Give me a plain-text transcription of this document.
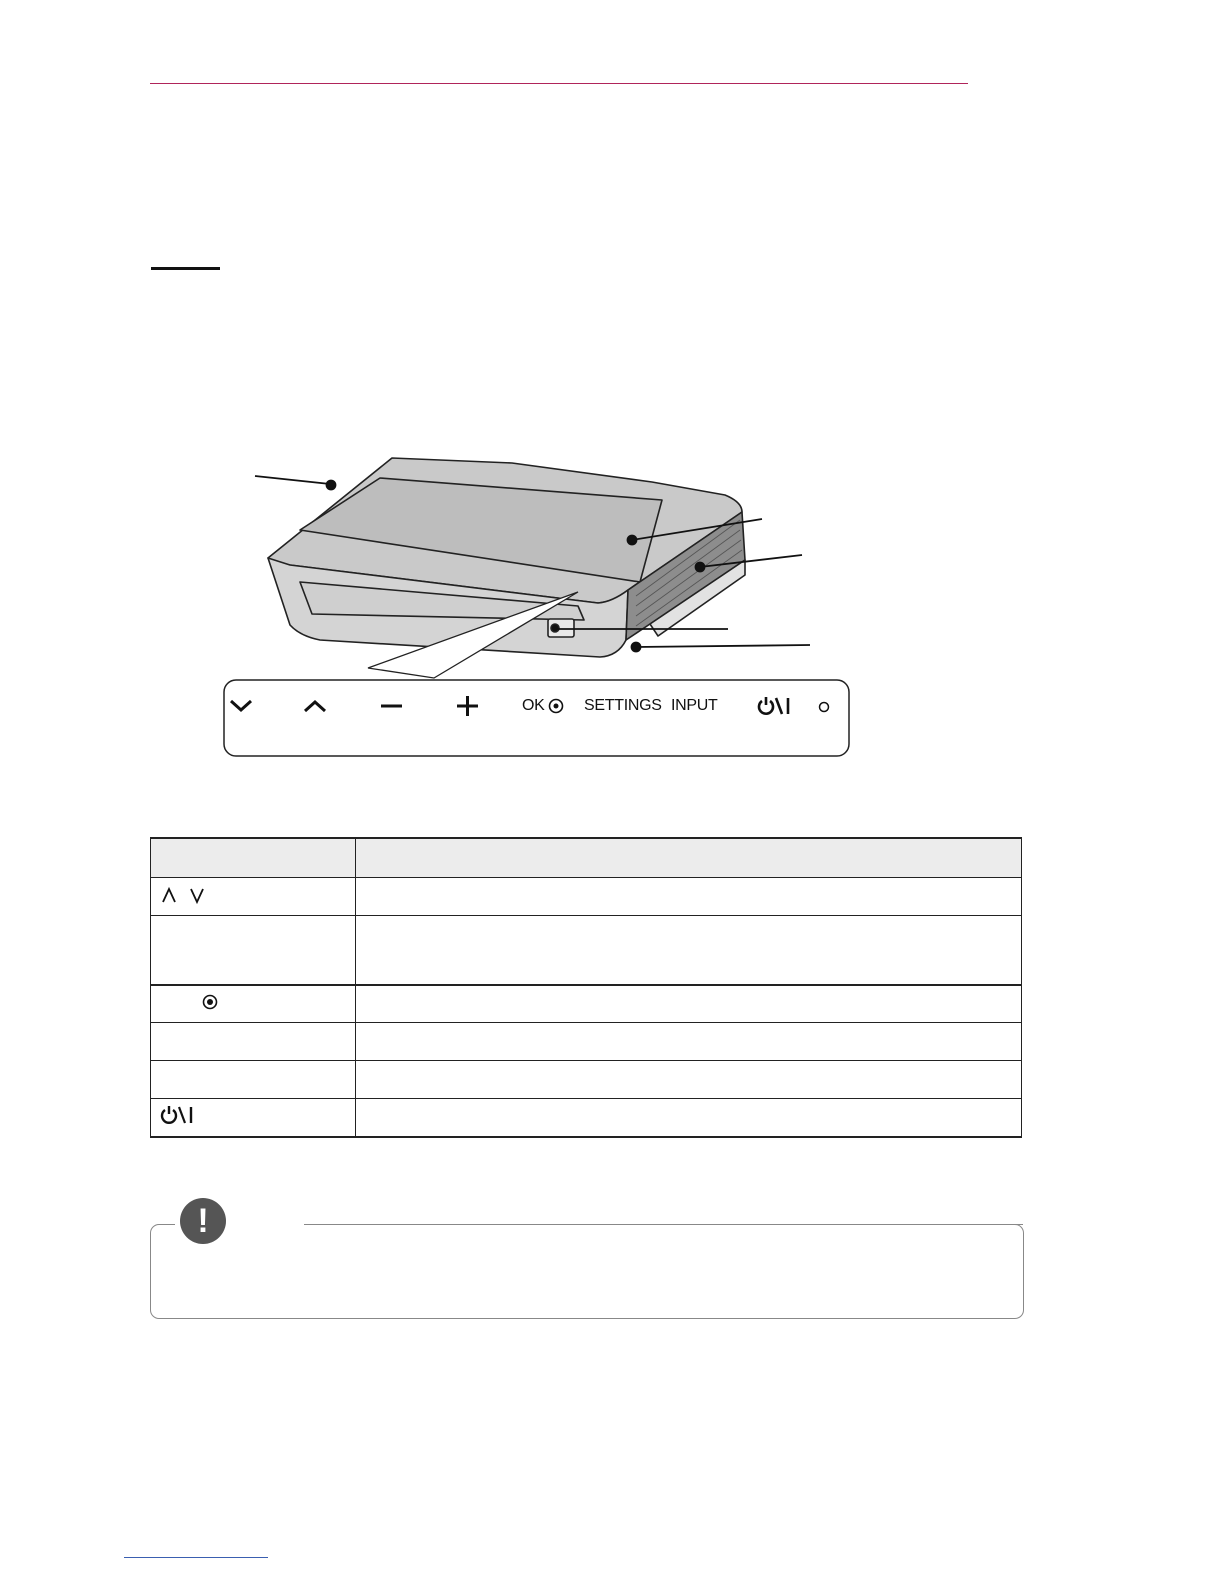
OK SETTINGS INPUT

!
